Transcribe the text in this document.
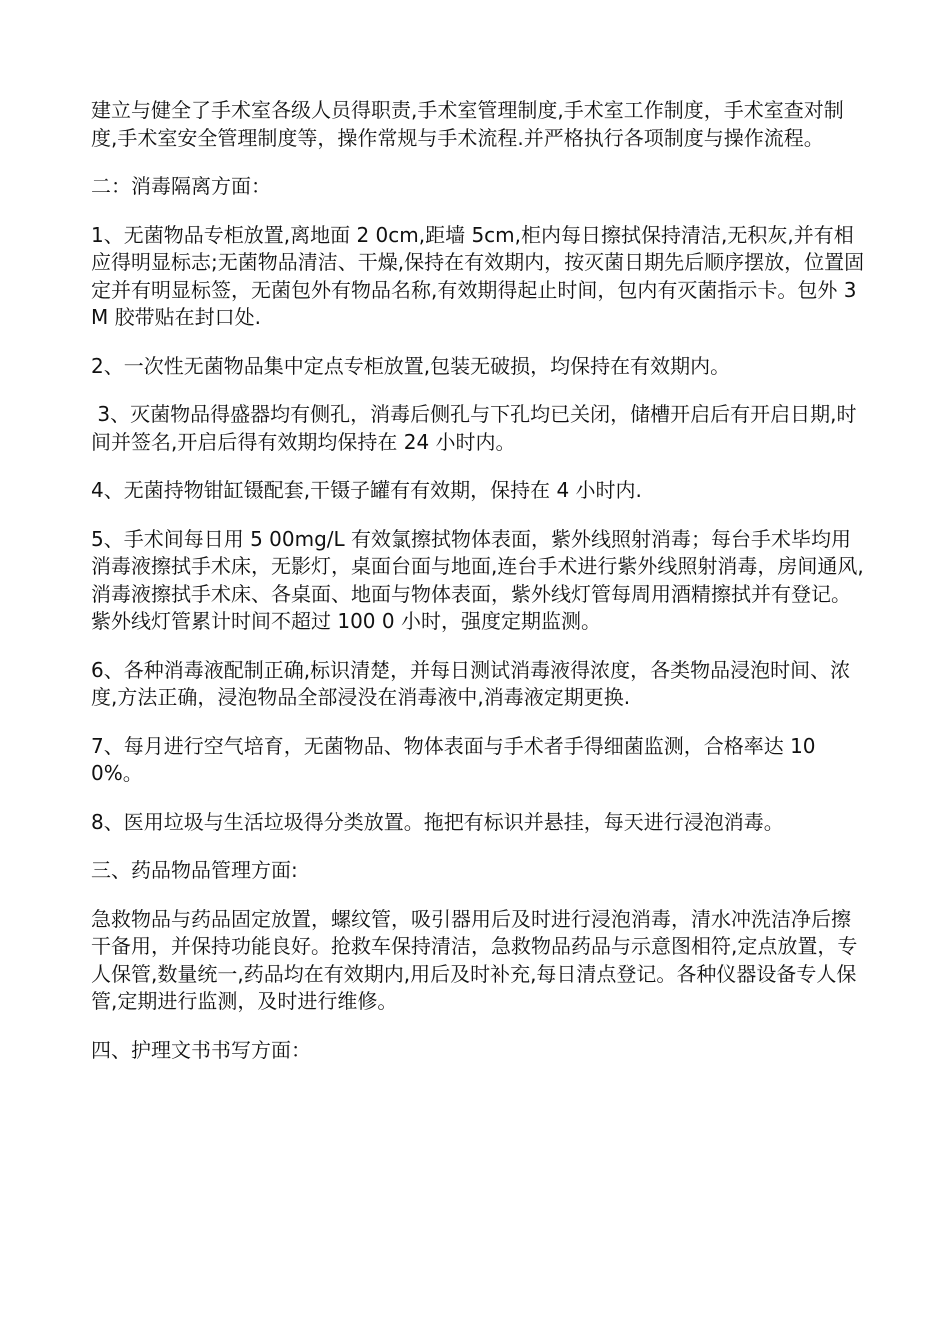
建立与健全了手术室各级人员得职责,手术室管理制度,手术室工作制度，手术室查对制度,手术室安全管理制度等，操作常规与手术流程.并严格执行各项制度与操作流程。

二：消毒隔离方面：

1、无菌物品专柜放置,离地面 2 0cm,距墙 5cm,柜内每日擦拭保持清洁,无积灰,并有相应得明显标志;无菌物品清洁、干燥,保持在有效期内，按灭菌日期先后顺序摆放，位置固定并有明显标签，无菌包外有物品名称,有效期得起止时间，包内有灭菌指示卡。包外 3M 胶带贴在封口处.

2、一次性无菌物品集中定点专柜放置,包装无破损，均保持在有效期内。

3、灭菌物品得盛器均有侧孔，消毒后侧孔与下孔均已关闭，储槽开启后有开启日期,时间并签名,开启后得有效期均保持在 24 小时内。

4、无菌持物钳缸镊配套,干镊子罐有有效期，保持在 4 小时内.

5、手术间每日用 5 00mg/L 有效氯擦拭物体表面，紫外线照射消毒；每台手术毕均用消毒液擦拭手术床，无影灯，桌面台面与地面,连台手术进行紫外线照射消毒，房间通风,消毒液擦拭手术床、各桌面、地面与物体表面，紫外线灯管每周用酒精擦拭并有登记。紫外线灯管累计时间不超过 100 0 小时，强度定期监测。

6、各种消毒液配制正确,标识清楚，并每日测试消毒液得浓度，各类物品浸泡时间、浓度,方法正确，浸泡物品全部浸没在消毒液中,消毒液定期更换.

7、每月进行空气培育，无菌物品、物体表面与手术者手得细菌监测，合格率达 100%。

8、医用垃圾与生活垃圾得分类放置。拖把有标识并悬挂，每天进行浸泡消毒。

三、药品物品管理方面:

急救物品与药品固定放置，螺纹管，吸引器用后及时进行浸泡消毒，清水冲洗洁净后擦干备用，并保持功能良好。抢救车保持清洁，急救物品药品与示意图相符,定点放置，专人保管,数量统一,药品均在有效期内,用后及时补充,每日清点登记。各种仪器设备专人保管,定期进行监测，及时进行维修。

四、护理文书书写方面：
